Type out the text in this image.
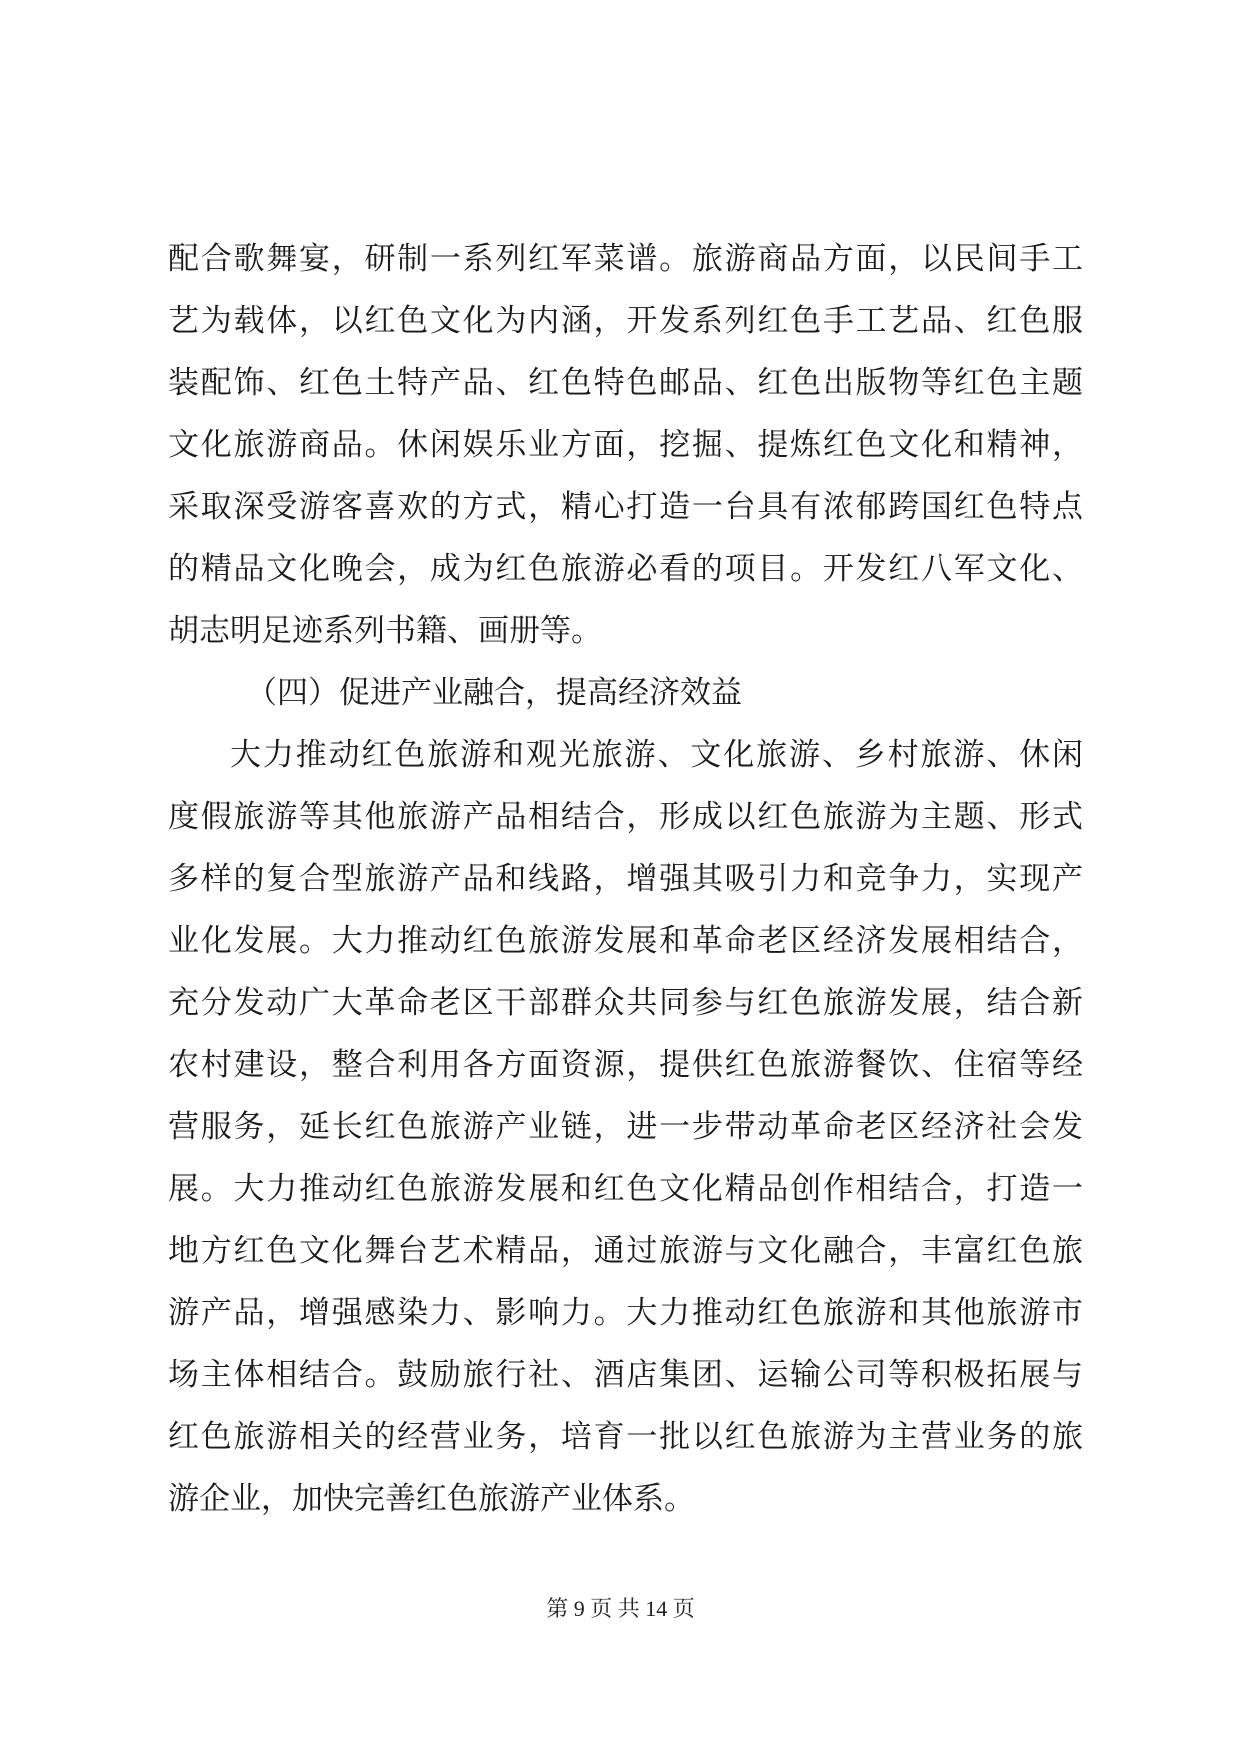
配合歌舞宴，研制一系列红军菜谱。旅游商品方面，以民间手工
艺为载体，以红色文化为内涵，开发系列红色手工艺品、红色服
装配饰、红色土特产品、红色特色邮品、红色出版物等红色主题
文化旅游商品。休闲娱乐业方面，挖掘、提炼红色文化和精神，
采取深受游客喜欢的方式，精心打造一台具有浓郁跨国红色特点
的精品文化晚会，成为红色旅游必看的项目。开发红八军文化、
胡志明足迹系列书籍、画册等。
（四）促进产业融合，提高经济效益
大力推动红色旅游和观光旅游、文化旅游、乡村旅游、休闲
度假旅游等其他旅游产品相结合，形成以红色旅游为主题、形式
多样的复合型旅游产品和线路，增强其吸引力和竞争力，实现产
业化发展。大力推动红色旅游发展和革命老区经济发展相结合，
充分发动广大革命老区干部群众共同参与红色旅游发展，结合新
农村建设，整合利用各方面资源，提供红色旅游餐饮、住宿等经
营服务，延长红色旅游产业链，进一步带动革命老区经济社会发
展。大力推动红色旅游发展和红色文化精品创作相结合，打造一
地方红色文化舞台艺术精品，通过旅游与文化融合，丰富红色旅
游产品，增强感染力、影响力。大力推动红色旅游和其他旅游市
场主体相结合。鼓励旅行社、酒店集团、运输公司等积极拓展与
红色旅游相关的经营业务，培育一批以红色旅游为主营业务的旅
游企业，加快完善红色旅游产业体系。
第 9 页 共 14 页
